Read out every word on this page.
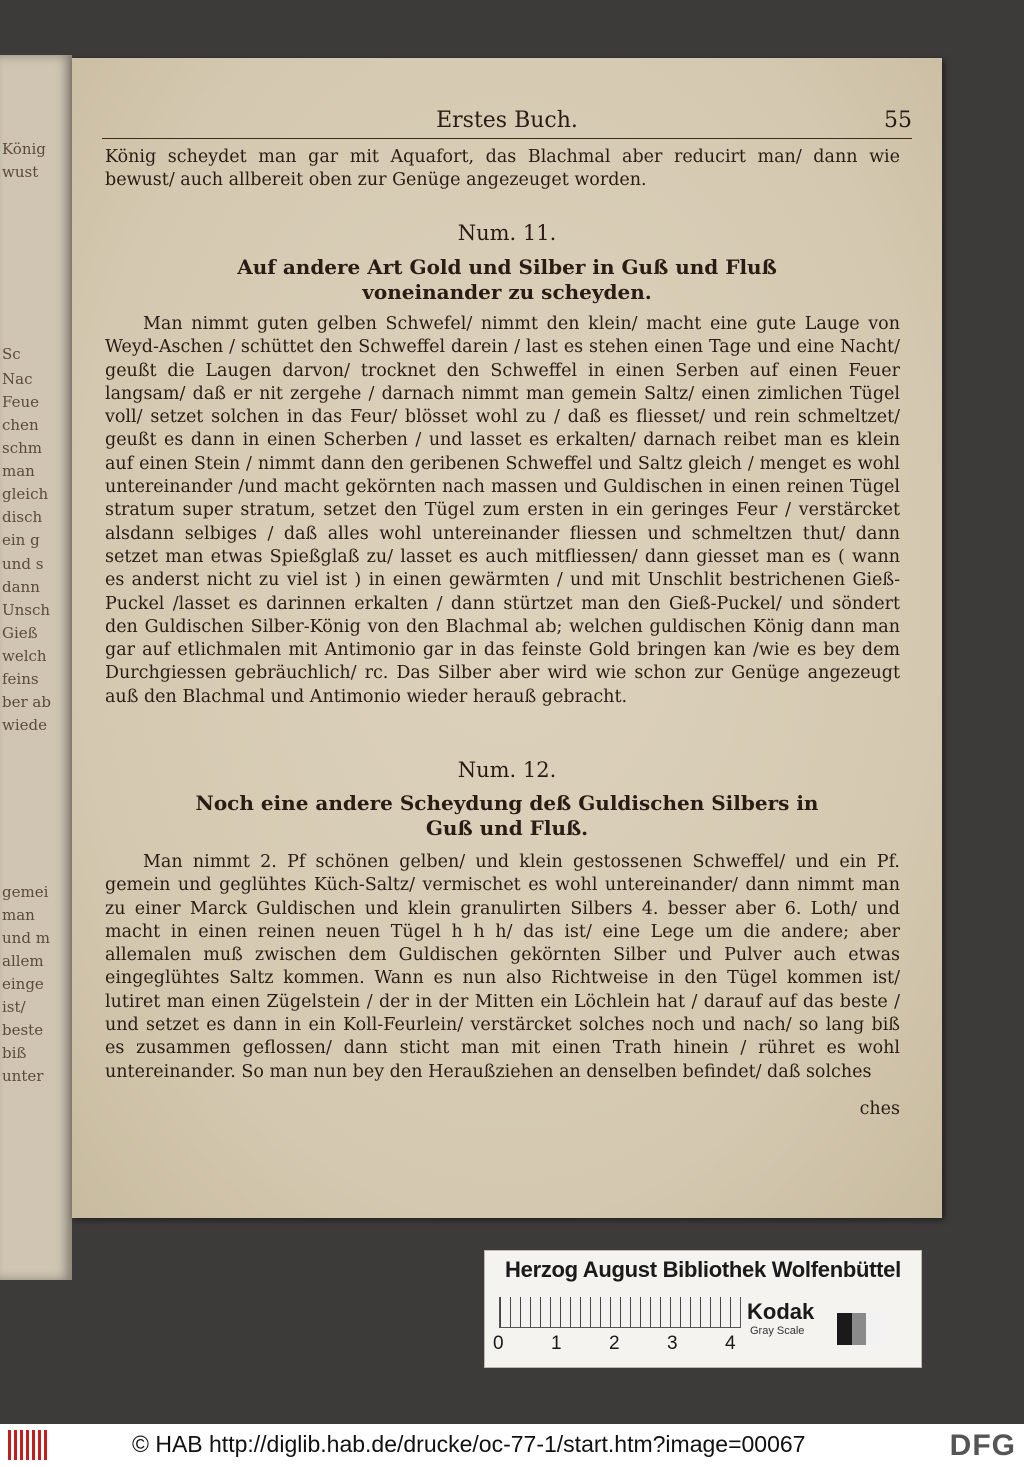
König
wust
Sc
Nac
Feue
chen
schm
man
gleich
disch
ein g
und s
dann
Unsch
Gieß
welch
feins
ber ab
wiede
gemei
man
und m
allem
einge
ist/
beste
biß
unter
Erstes Buch.	55
König scheydet man gar mit Aquafort, das Blachmal aber reducirt man/ dann wie bewust/ auch allbereit oben zur Genüge angezeuget worden.
Num. 11.
Auf andere Art Gold und Silber in Guß und Fluß voneinander zu scheyden.
Man nimmt guten gelben Schwefel/ nimmt den klein/ macht eine gute Lauge von Weyd-Aschen / schüttet den Schweffel darein / last es stehen einen Tage und eine Nacht/ geußt die Laugen darvon/ trocknet den Schweffel in einen Serben auf einen Feuer langsam/ daß er nit zergehe / darnach nimmt man gemein Saltz/ einen zimlichen Tügel voll/ setzet solchen in das Feur/ blösset wohl zu / daß es fliesset/ und rein schmeltzet/ geußt es dann in einen Scherben / und lasset es erkalten/ darnach reibet man es klein auf einen Stein / nimmt dann den geribenen Schweffel und Saltz gleich / menget es wohl untereinander /und macht gekörnten nach massen und Guldischen in einen reinen Tügel stratum super stratum, setzet den Tügel zum ersten in ein geringes Feur / verstärcket alsdann selbiges / daß alles wohl untereinander fliessen und schmeltzen thut/ dann setzet man etwas Spießglaß zu/ lasset es auch mitfliessen/ dann giesset man es ( wann es anderst nicht zu viel ist ) in einen gewärmten / und mit Unschlit bestrichenen Gieß-Puckel /lasset es darinnen erkalten / dann stürtzet man den Gieß-Puckel/ und söndert den Guldischen Silber-König von den Blachmal ab; welchen guldischen König dann man gar auf etlichmalen mit Antimonio gar in das feinste Gold bringen kan /wie es bey dem Durchgiessen gebräuchlich/ rc. Das Silber aber wird wie schon zur Genüge angezeugt auß den Blachmal und Antimonio wieder herauß gebracht.
Num. 12.
Noch eine andere Scheydung deß Guldischen Silbers in Guß und Fluß.
Man nimmt 2. Pf schönen gelben/ und klein gestossenen Schweffel/ und ein Pf. gemein und geglühtes Küch-Saltz/ vermischet es wohl untereinander/ dann nimmt man zu einer Marck Guldischen und klein granulirten Silbers 4. besser aber 6. Loth/ und macht in einen reinen neuen Tügel h h h/ das ist/ eine Lege um die andere; aber allemalen muß zwischen dem Guldischen gekörnten Silber und Pulver auch etwas eingeglühtes Saltz kommen. Wann es nun also Richtweise in den Tügel kommen ist/ lutiret man einen Zügelstein / der in der Mitten ein Löchlein hat / darauf auf das beste / und setzet es dann in ein Koll-Feurlein/ verstärcket solches noch und nach/ so lang biß es zusammen geflossen/ dann sticht man mit einen Trath hinein / rühret es wohl untereinander. So man nun bey den Heraußziehen an denselben befindet/ daß solches
ches
Herzog August Bibliothek Wolfenbüttel
0 1 2 3 4
Kodak
Gray Scale
© HAB http://diglib.hab.de/drucke/oc-77-1/start.htm?image=00067	DFG
